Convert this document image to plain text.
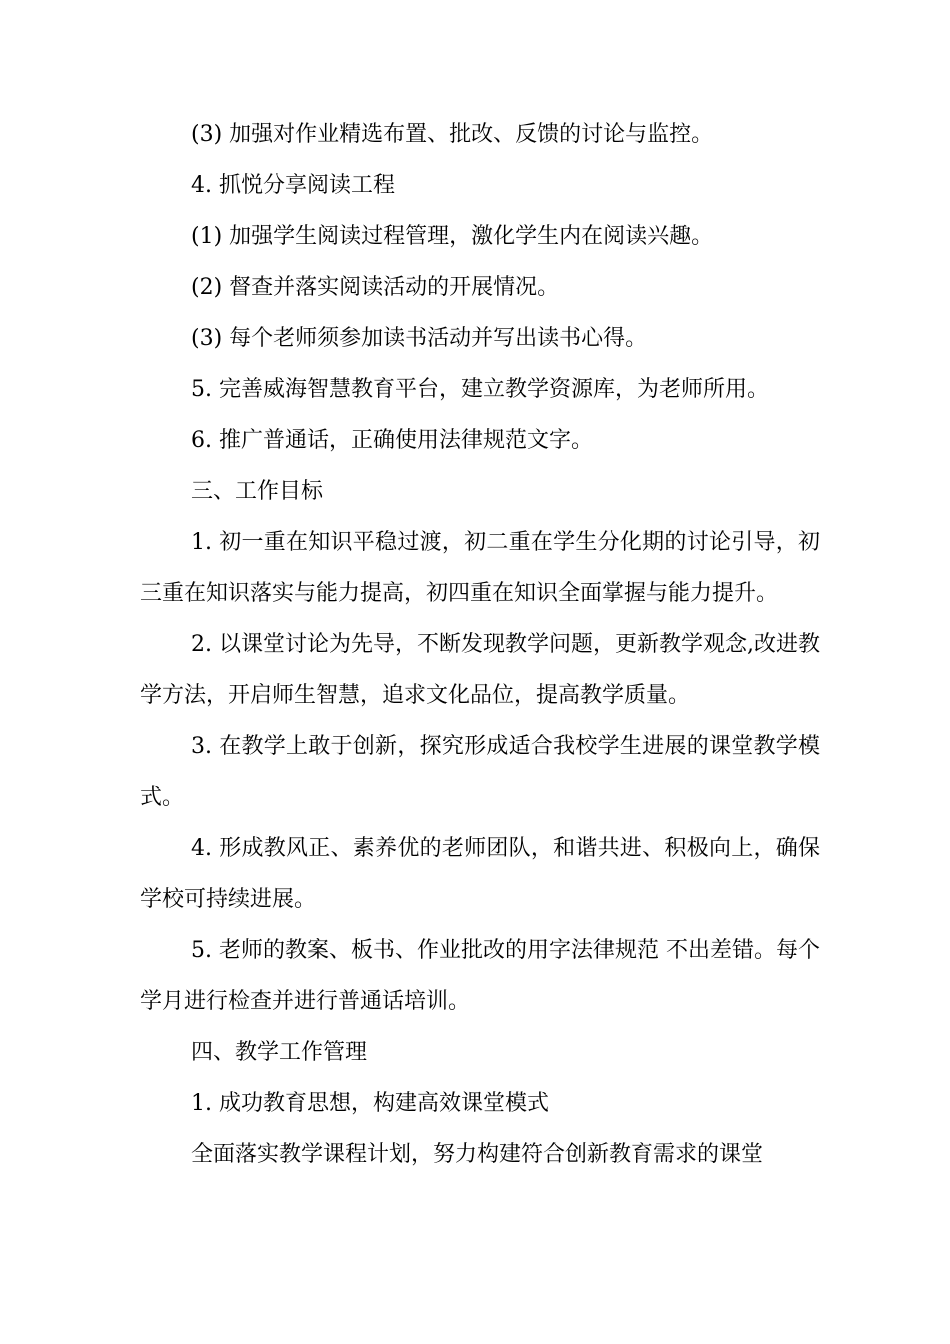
(3) 加强对作业精选布置、批改、反馈的讨论与监控。

4. 抓悦分享阅读工程

(1) 加强学生阅读过程管理，激化学生内在阅读兴趣。

(2) 督查并落实阅读活动的开展情况。

(3) 每个老师须参加读书活动并写出读书心得。

5. 完善威海智慧教育平台，建立教学资源库，为老师所用。

6. 推广普通话，正确使用法律规范文字。

三、工作目标

1. 初一重在知识平稳过渡，初二重在学生分化期的讨论引导，初三重在知识落实与能力提高，初四重在知识全面掌握与能力提升。

2. 以课堂讨论为先导，不断发现教学问题，更新教学观念,改进教学方法，开启师生智慧，追求文化品位，提高教学质量。

3. 在教学上敢于创新，探究形成适合我校学生进展的课堂教学模式。

4. 形成教风正、素养优的老师团队，和谐共进、积极向上，确保学校可持续进展。

5. 老师的教案、板书、作业批改的用字法律规范 不出差错。每个学月进行检查并进行普通话培训。

四、教学工作管理

1. 成功教育思想，构建高效课堂模式

全面落实教学课程计划，努力构建符合创新教育需求的课堂
